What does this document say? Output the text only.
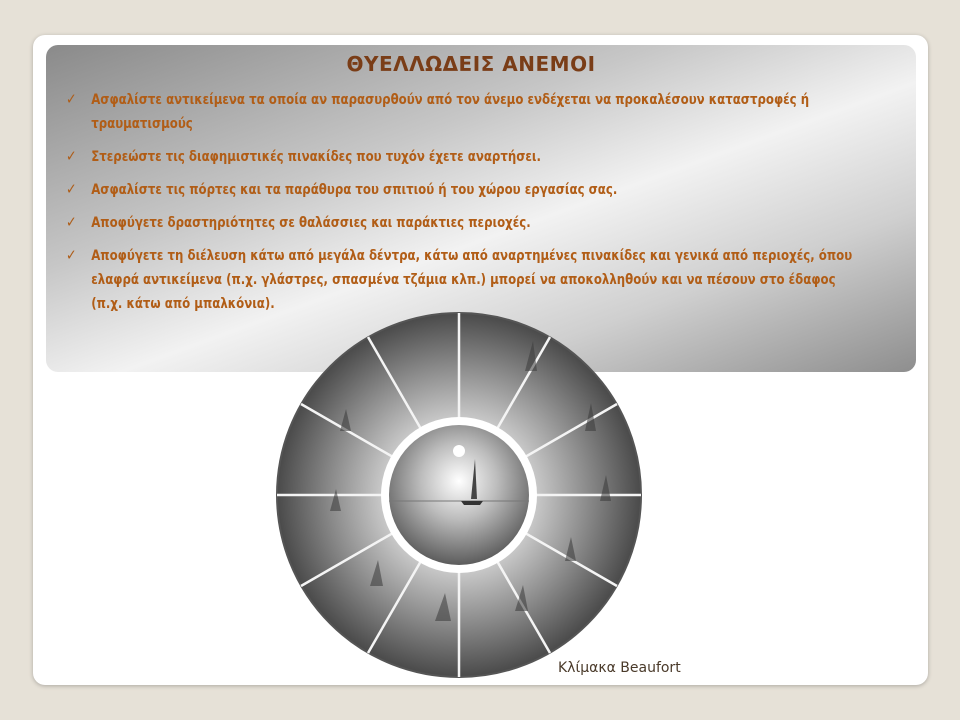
ΘΥΕΛΛΩΔΕΙΣ ΑΝΕΜΟΙ
✓ Ασφαλίστε αντικείμενα τα οποία αν παρασυρθούν από τον άνεμο ενδέχεται να προκαλέσουν καταστροφές ή τραυματισμούς
✓ Στερεώστε τις διαφημιστικές πινακίδες που τυχόν έχετε αναρτήσει.
✓ Ασφαλίστε τις πόρτες και τα παράθυρα του σπιτιού ή του χώρου εργασίας σας.
✓ Αποφύγετε δραστηριότητες σε θαλάσσιες και παράκτιες περιοχές.
✓ Αποφύγετε τη διέλευση κάτω από μεγάλα δέντρα, κάτω από αναρτημένες πινακίδες και γενικά από περιοχές, όπου ελαφρά αντικείμενα (π.χ. γλάστρες, σπασμένα τζάμια κλπ.) μπορεί να αποκολληθούν και να πέσουν στο έδαφος (π.χ. κάτω από μπαλκόνια).
Κλίμακα Beaufort
